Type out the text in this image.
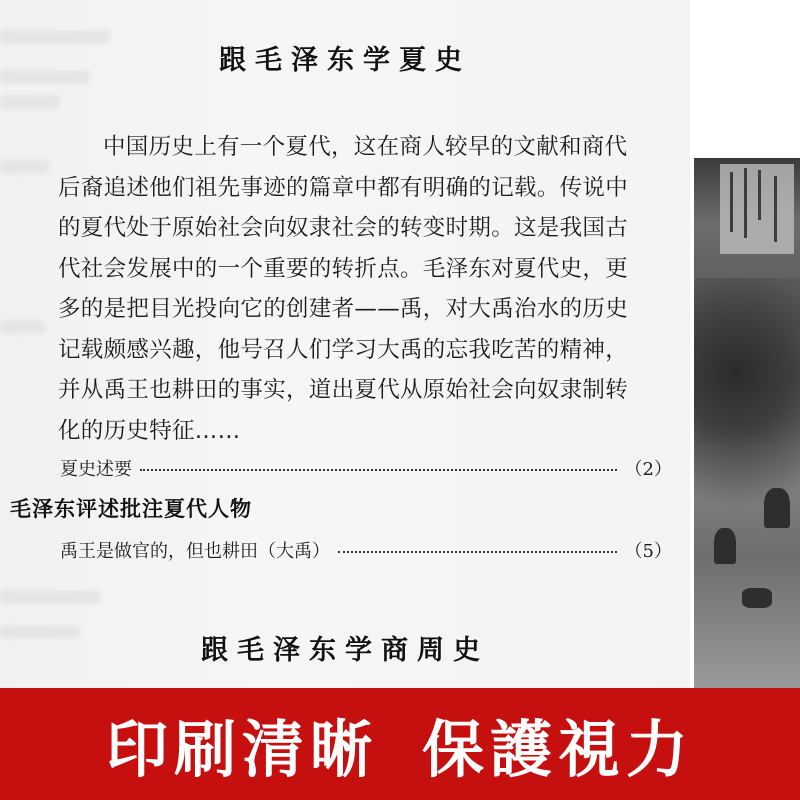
跟毛泽东学夏史
中国历史上有一个夏代，这在商人较早的文献和商代后裔追述他们祖先事迹的篇章中都有明确的记载。传说中的夏代处于原始社会向奴隶社会的转变时期。这是我国古代社会发展中的一个重要的转折点。毛泽东对夏代史，更多的是把目光投向它的创建者——禹，对大禹治水的历史记载颇感兴趣，他号召人们学习大禹的忘我吃苦的精神，并从禹王也耕田的事实，道出夏代从原始社会向奴隶制转化的历史特征……
夏史述要	（2）
毛泽东评述批注夏代人物
禹王是做官的，但也耕田（大禹）	（5）
跟毛泽东学商周史
印刷清晰 保護視力
